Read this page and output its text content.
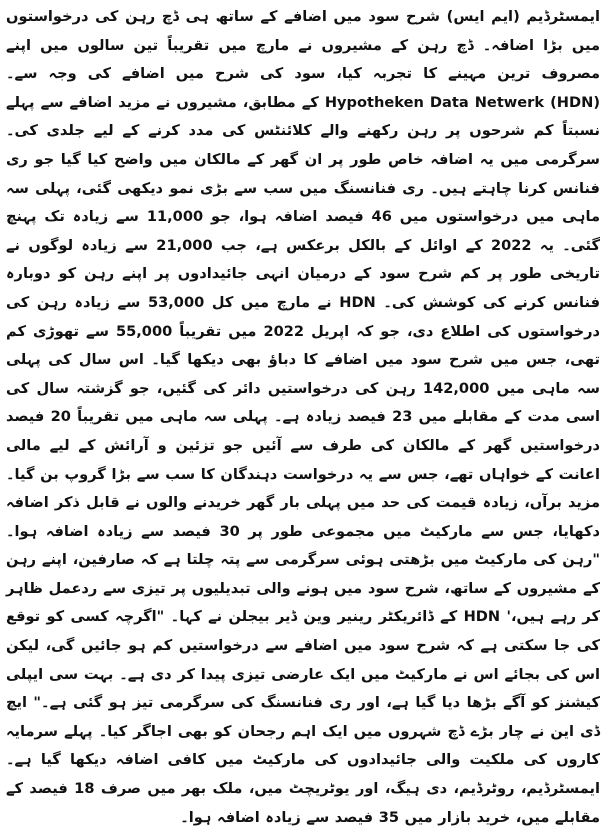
ایمسٹرڈیم (ایم ایس) شرح سود میں اضافے کے ساتھ ہی ڈچ رہن کی درخواستوں میں بڑا اضافہ۔ ڈچ رہن کے مشیروں نے مارچ میں تقریباً تین سالوں میں اپنے مصروف ترین مہینے کا تجربہ کیا، سود کی شرح میں اضافے کی وجہ سے۔ Hypotheken Data Netwerk (HDN) کے مطابق، مشیروں نے مزید اضافے سے پہلے نسبتاً کم شرحوں پر رہن رکھنے والے کلائنٹس کی مدد کرنے کے لیے جلدی کی۔ سرگرمی میں یہ اضافہ خاص طور پر ان گھر کے مالکان میں واضح کیا گیا جو ری فنانس کرنا چاہتے ہیں۔ ری فنانسنگ میں سب سے بڑی نمو دیکھی گئی، پہلی سہ ماہی میں درخواستوں میں 46 فیصد اضافہ ہوا، جو 11,000 سے زیادہ تک پہنچ گئی۔ یہ 2022 کے اوائل کے بالکل برعکس ہے، جب 21,000 سے زیادہ لوگوں نے تاریخی طور پر کم شرح سود کے درمیان انہی جائیدادوں پر اپنے رہن کو دوبارہ فنانس کرنے کی کوشش کی۔ HDN نے مارچ میں کل 53,000 سے زیادہ رہن کی درخواستوں کی اطلاع دی، جو کہ اپریل 2022 میں تقریباً 55,000 سے تھوڑی کم تھی، جس میں شرح سود میں اضافے کا دباؤ بھی دیکھا گیا۔ اس سال کی پہلی سہ ماہی میں 142,000 رہن کی درخواستیں دائر کی گئیں، جو گزشتہ سال کی اسی مدت کے مقابلے میں 23 فیصد زیادہ ہے۔ پہلی سہ ماہی میں تقریباً 20 فیصد درخواستیں گھر کے مالکان کی طرف سے آئیں جو تزئین و آرائش کے لیے مالی اعانت کے خواہاں تھے، جس سے یہ درخواست دہندگان کا سب سے بڑا گروپ بن گیا۔ مزید برآں، زیادہ قیمت کی حد میں پہلی بار گھر خریدنے والوں نے قابل ذکر اضافہ دکھایا، جس سے مارکیٹ میں مجموعی طور پر 30 فیصد سے زیادہ اضافہ ہوا۔ "رہن کی مارکیٹ میں بڑھتی ہوئی سرگرمی سے پتہ چلتا ہے کہ صارفین، اپنے رہن کے مشیروں کے ساتھ، شرح سود میں ہونے والی تبدیلیوں پر تیزی سے ردعمل ظاہر کر رہے ہیں،' HDN کے ڈائریکٹر رینیر وین ڈیر بیجلن نے کہا۔ "اگرچہ کسی کو توقع کی جا سکتی ہے کہ شرح سود میں اضافے سے درخواستیں کم ہو جائیں گی، لیکن اس کی بجائے اس نے مارکیٹ میں ایک عارضی تیزی پیدا کر دی ہے۔ بہت سی ایپلی کیشنز کو آگے بڑھا دیا گیا ہے، اور ری فنانسنگ کی سرگرمی تیز ہو گئی ہے۔" ایچ ڈی این نے چار بڑے ڈچ شہروں میں ایک اہم رجحان کو بھی اجاگر کیا۔ پہلے سرمایہ کاروں کی ملکیت والی جائیدادوں کی مارکیٹ میں کافی اضافہ دیکھا گیا ہے۔ ایمسٹرڈیم، روٹرڈیم، دی ہیگ، اور یوٹریچٹ میں، ملک بھر میں صرف 18 فیصد کے مقابلے میں، خرید بازار میں 35 فیصد سے زیادہ اضافہ ہوا۔
